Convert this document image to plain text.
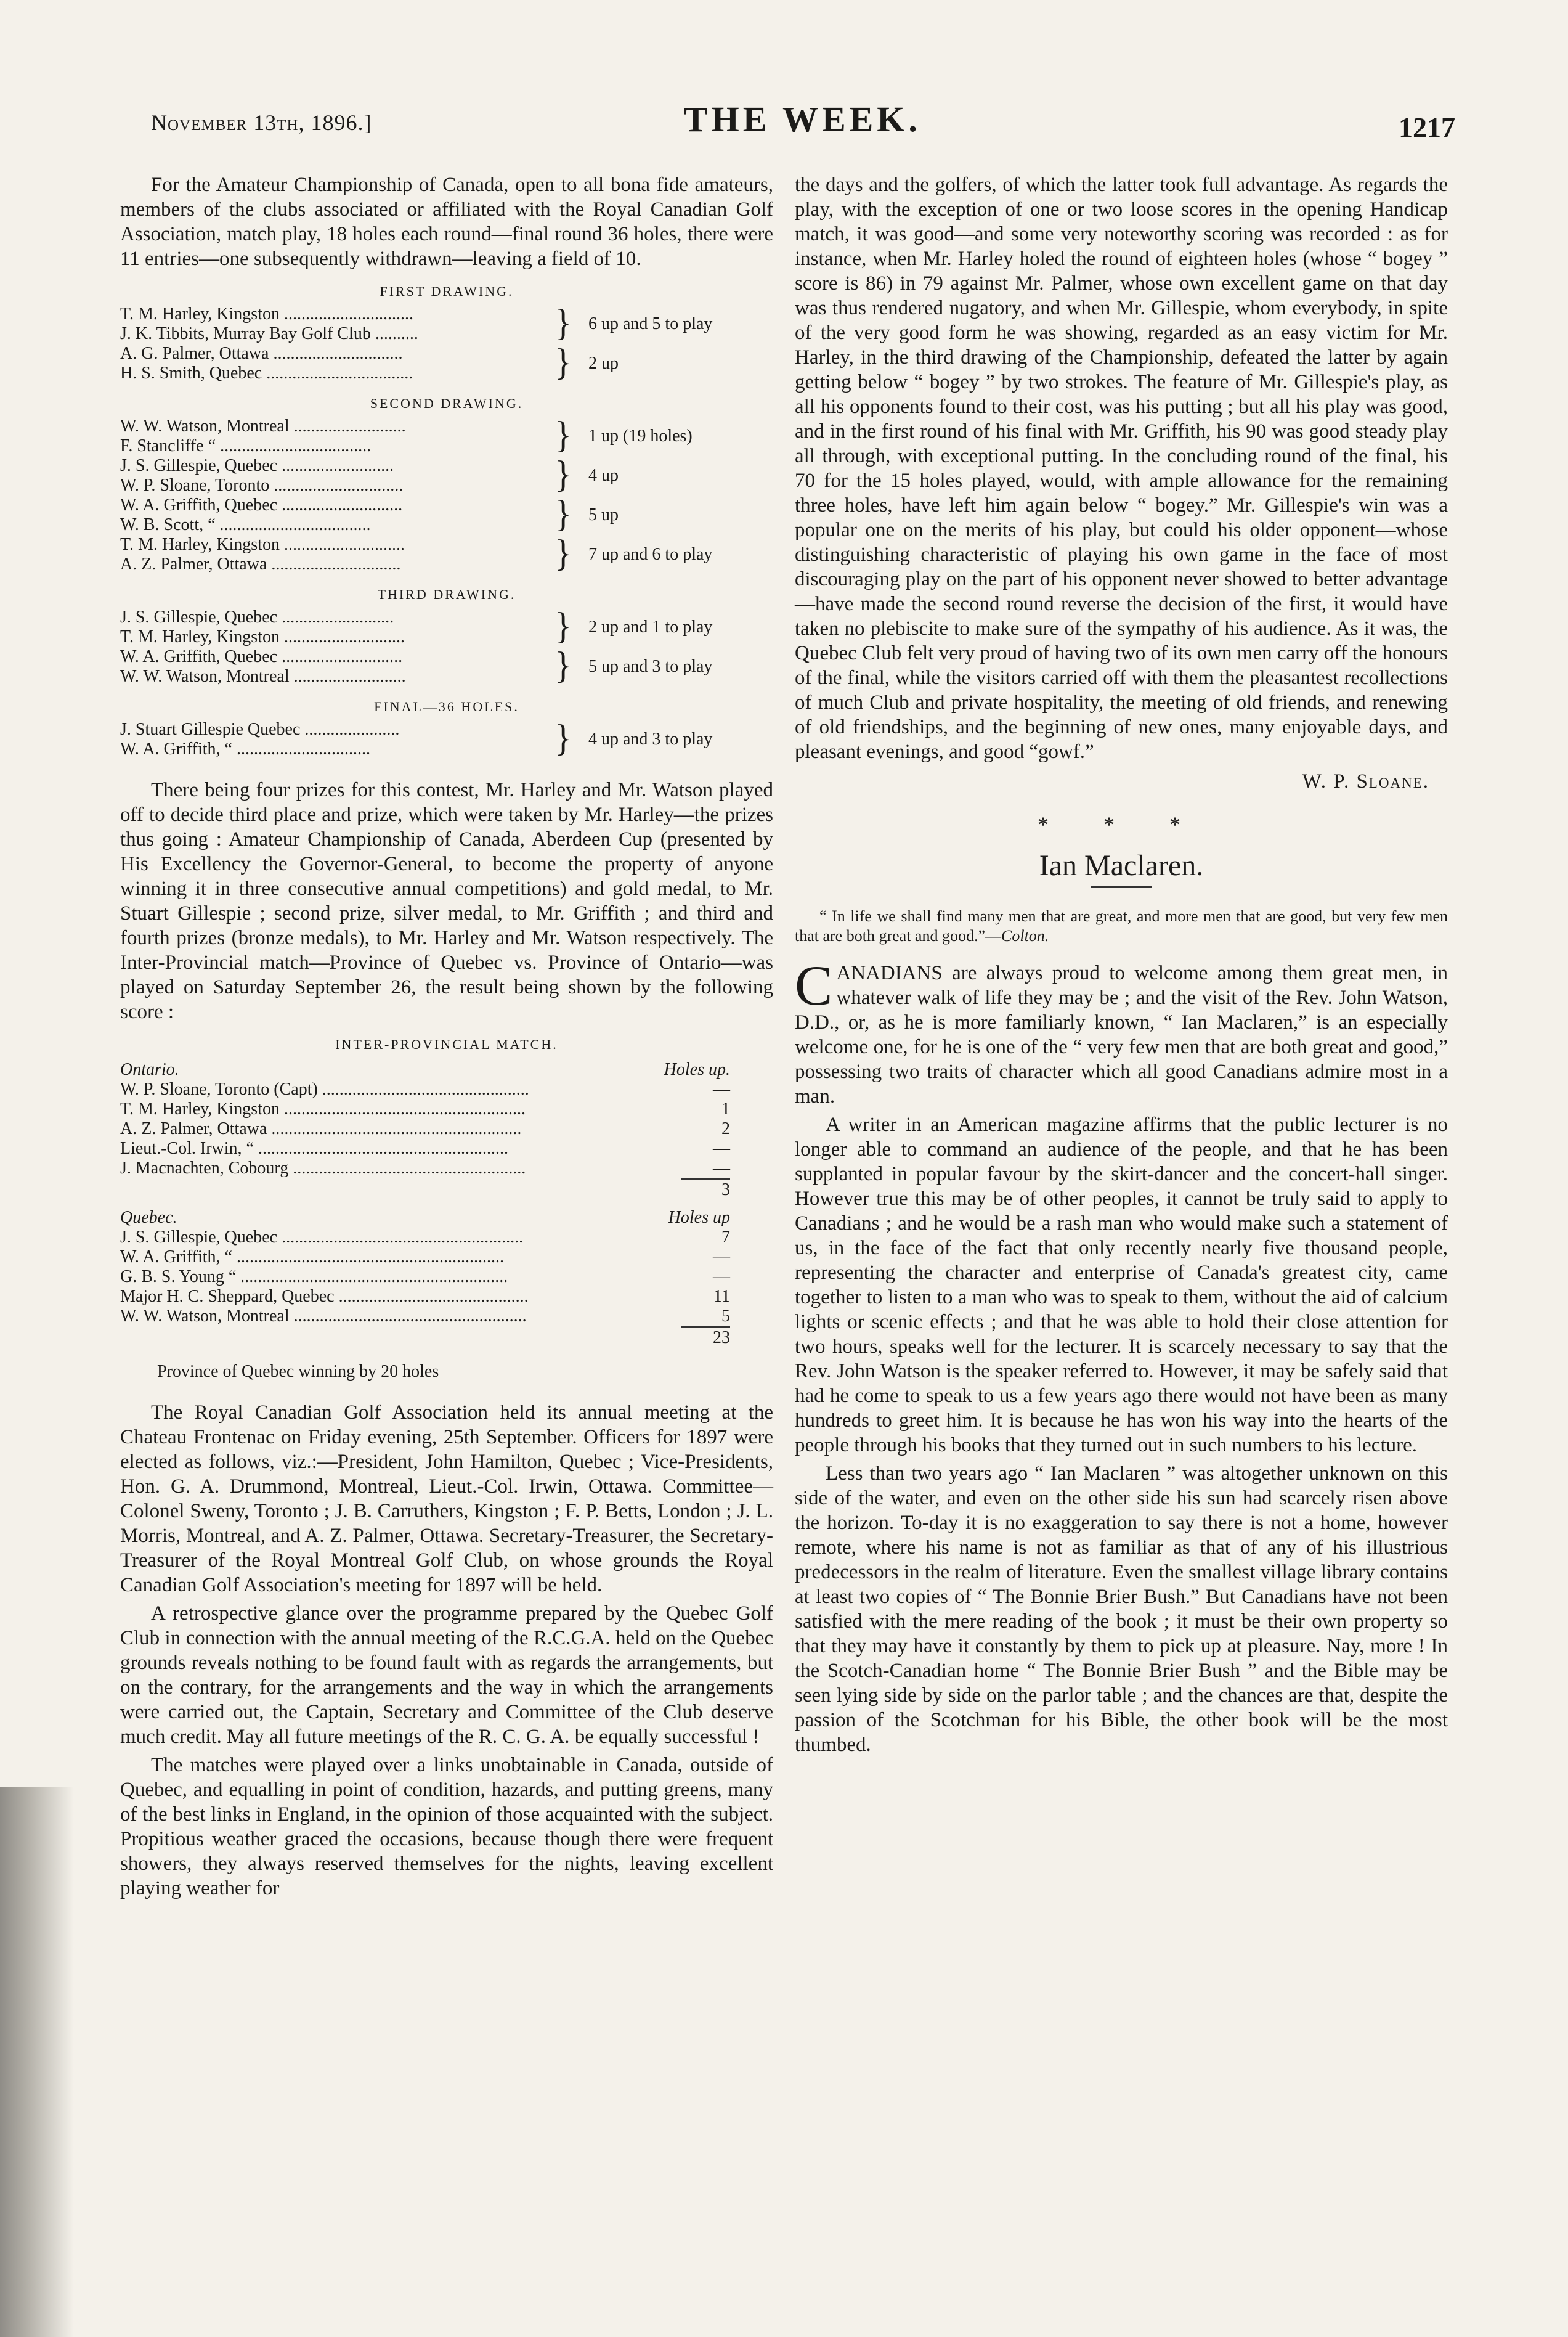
November 13th, 1896.]	THE WEEK.	1217

For the Amateur Championship of Canada, open to all bona fide amateurs, members of the clubs associated or affiliated with the Royal Canadian Golf Association, match play, 18 holes each round—final round 36 holes, there were 11 entries—one subsequently withdrawn—leaving a field of 10.

FIRST DRAWING.
T. M. Harley, Kingston ..............................
J. K. Tibbits, Murray Bay Golf Club ..........	} 6 up and 5 to play
A. G. Palmer, Ottawa ..............................
H. S. Smith, Quebec ..................................	} 2 up
SECOND DRAWING.
W. W. Watson, Montreal ..........................
F. Stancliffe “ ...................................	} 1 up (19 holes)
J. S. Gillespie, Quebec ..........................
W. P. Sloane, Toronto ..............................	} 4 up
W. A. Griffith, Quebec ............................
W. B. Scott, “ ...................................	} 5 up
T. M. Harley, Kingston ............................
A. Z. Palmer, Ottawa ..............................	} 7 up and 6 to play
THIRD DRAWING.
J. S. Gillespie, Quebec ..........................
T. M. Harley, Kingston ............................	} 2 up and 1 to play
W. A. Griffith, Quebec ............................
W. W. Watson, Montreal ..........................	} 5 up and 3 to play
FINAL—36 HOLES.
J. Stuart Gillespie Quebec ......................
W. A. Griffith, “ ...............................	} 4 up and 3 to play

There being four prizes for this contest, Mr. Harley and Mr. Watson played off to decide third place and prize, which were taken by Mr. Harley—the prizes thus going : Amateur Championship of Canada, Aberdeen Cup (presented by His Excellency the Governor-General, to become the property of anyone winning it in three consecutive annual competitions) and gold medal, to Mr. Stuart Gillespie ; second prize, silver medal, to Mr. Griffith ; and third and fourth prizes (bronze medals), to Mr. Harley and Mr. Watson respectively. The Inter-Provincial match—Province of Quebec vs. Province of Ontario—was played on Saturday September 26, the result being shown by the following score :

INTER-PROVINCIAL MATCH.
Ontario.	Holes up.
W. P. Sloane, Toronto (Capt) ................................................	—
T. M. Harley, Kingston ........................................................	1
A. Z. Palmer, Ottawa ..........................................................	2
Lieut.-Col. Irwin, “ ..........................................................	—
J. Macnachten, Cobourg ......................................................	—
3
Quebec.	Holes up
J. S. Gillespie, Quebec ........................................................	7
W. A. Griffith, “ ..............................................................	—
G. B. S. Young “ ..............................................................	—
Major H. C. Sheppard, Quebec ............................................	11
W. W. Watson, Montreal ......................................................	5
23
Province of Quebec winning by 20 holes

The Royal Canadian Golf Association held its annual meeting at the Chateau Frontenac on Friday evening, 25th September. Officers for 1897 were elected as follows, viz.:—President, John Hamilton, Quebec ; Vice-Presidents, Hon. G. A. Drummond, Montreal, Lieut.-Col. Irwin, Ottawa. Committee—Colonel Sweny, Toronto ; J. B. Carruthers, Kingston ; F. P. Betts, London ; J. L. Morris, Montreal, and A. Z. Palmer, Ottawa. Secretary-Treasurer, the Secretary-Treasurer of the Royal Montreal Golf Club, on whose grounds the Royal Canadian Golf Association's meeting for 1897 will be held.

A retrospective glance over the programme prepared by the Quebec Golf Club in connection with the annual meeting of the R.C.G.A. held on the Quebec grounds reveals nothing to be found fault with as regards the arrangements, but on the contrary, for the arrangements and the way in which the arrangements were carried out, the Captain, Secretary and Committee of the Club deserve much credit. May all future meetings of the R. C. G. A. be equally successful !

The matches were played over a links unobtainable in Canada, outside of Quebec, and equalling in point of condition, hazards, and putting greens, many of the best links in England, in the opinion of those acquainted with the subject. Propitious weather graced the occasions, because though there were frequent showers, they always reserved themselves for the nights, leaving excellent playing weather for

the days and the golfers, of which the latter took full advantage. As regards the play, with the exception of one or two loose scores in the opening Handicap match, it was good—and some very noteworthy scoring was recorded : as for instance, when Mr. Harley holed the round of eighteen holes (whose “ bogey ” score is 86) in 79 against Mr. Palmer, whose own excellent game on that day was thus rendered nugatory, and when Mr. Gillespie, whom everybody, in spite of the very good form he was showing, regarded as an easy victim for Mr. Harley, in the third drawing of the Championship, defeated the latter by again getting below “ bogey ” by two strokes. The feature of Mr. Gillespie's play, as all his opponents found to their cost, was his putting ; but all his play was good, and in the first round of his final with Mr. Griffith, his 90 was good steady play all through, with exceptional putting. In the concluding round of the final, his 70 for the 15 holes played, would, with ample allowance for the remaining three holes, have left him again below “ bogey.” Mr. Gillespie's win was a popular one on the merits of his play, but could his older opponent—whose distinguishing characteristic of playing his own game in the face of most discouraging play on the part of his opponent never showed to better advantage—have made the second round reverse the decision of the first, it would have taken no plebiscite to make sure of the sympathy of his audience. As it was, the Quebec Club felt very proud of having two of its own men carry off the honours of the final, while the visitors carried off with them the pleasantest recollections of much Club and private hospitality, the meeting of old friends, and renewing of old friendships, and the beginning of new ones, many enjoyable days, and pleasant evenings, and good “gowf.”

W. P. Sloane.
* * *
Ian Maclaren.
“ In life we shall find many men that are great, and more men that are good, but very few men that are both great and good.”—Colton.

CANADIANS are always proud to welcome among them great men, in whatever walk of life they may be ; and the visit of the Rev. John Watson, D.D., or, as he is more familiarly known, “ Ian Maclaren,” is an especially welcome one, for he is one of the “ very few men that are both great and good,” possessing two traits of character which all good Canadians admire most in a man.

A writer in an American magazine affirms that the public lecturer is no longer able to command an audience of the people, and that he has been supplanted in popular favour by the skirt-dancer and the concert-hall singer. However true this may be of other peoples, it cannot be truly said to apply to Canadians ; and he would be a rash man who would make such a statement of us, in the face of the fact that only recently nearly five thousand people, representing the character and enterprise of Canada's greatest city, came together to listen to a man who was to speak to them, without the aid of calcium lights or scenic effects ; and that he was able to hold their close attention for two hours, speaks well for the lecturer. It is scarcely necessary to say that the Rev. John Watson is the speaker referred to. However, it may be safely said that had he come to speak to us a few years ago there would not have been as many hundreds to greet him. It is because he has won his way into the hearts of the people through his books that they turned out in such numbers to his lecture.

Less than two years ago “ Ian Maclaren ” was altogether unknown on this side of the water, and even on the other side his sun had scarcely risen above the horizon. To-day it is no exaggeration to say there is not a home, however remote, where his name is not as familiar as that of any of his illustrious predecessors in the realm of literature. Even the smallest village library contains at least two copies of “ The Bonnie Brier Bush.” But Canadians have not been satisfied with the mere reading of the book ; it must be their own property so that they may have it constantly by them to pick up at pleasure. Nay, more ! In the Scotch-Canadian home “ The Bonnie Brier Bush ” and the Bible may be seen lying side by side on the parlor table ; and the chances are that, despite the passion of the Scotchman for his Bible, the other book will be the most thumbed.
